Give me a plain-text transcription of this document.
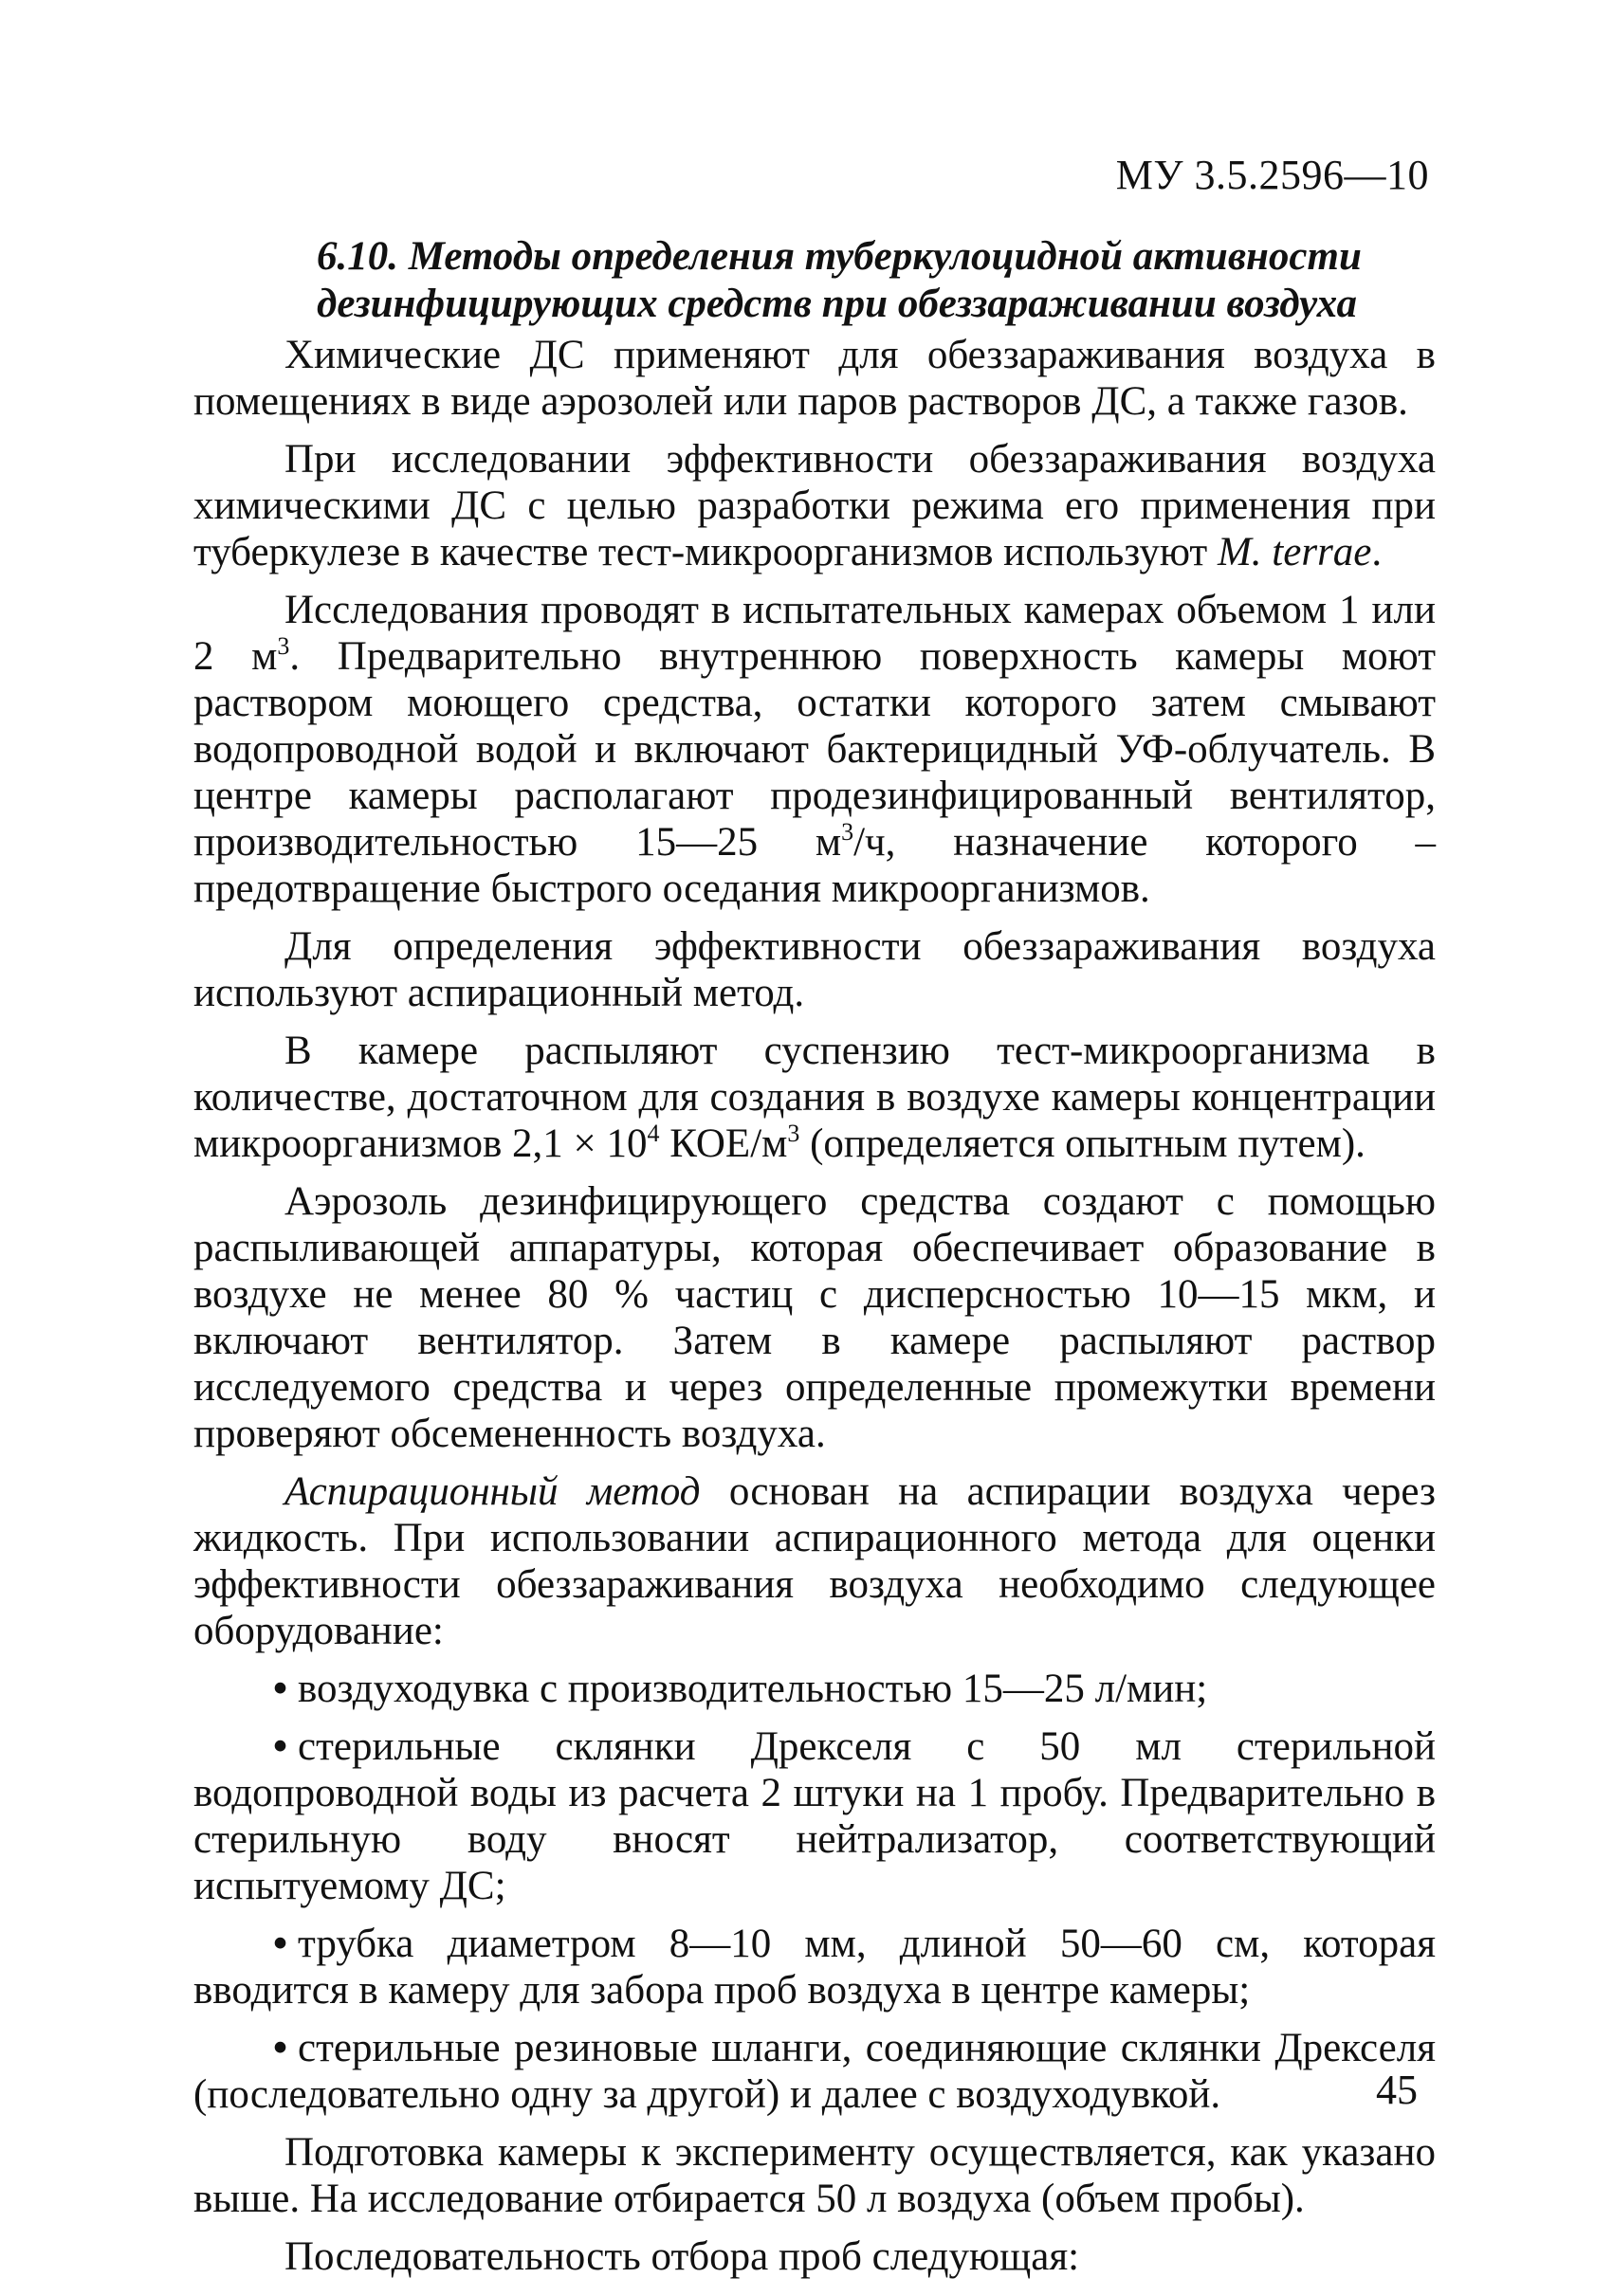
МУ 3.5.2596—10
6.10. Методы определения туберкулоцидной активности
дезинфицирующих средств при обеззараживании воздуха

Химические ДС применяют для обеззараживания воздуха в помещениях в виде аэрозолей или паров растворов ДС, а также газов.

При исследовании эффективности обеззараживания воздуха химическими ДС с целью разработки режима его применения при туберкулезе в качестве тест-микроорганизмов используют M. terrae.

Исследования проводят в испытательных камерах объемом 1 или 2 $м^3$. Предварительно внутреннюю поверхность камеры моют раствором моющего средства, остатки которого затем смывают водопроводной водой и включают бактерицидный УФ-облучатель. В центре камеры располагают продезинфицированный вентилятор, производительностью 15—25 $м^3/ч$, назначение которого – предотвращение быстрого оседания микроорганизмов.

Для определения эффективности обеззараживания воздуха используют аспирационный метод.

В камере распыляют суспензию тест-микроорганизма в количестве, достаточном для создания в воздухе камеры концентрации микроорганизмов $2,1 \times 10^4$ КОЕ/$м^3$ (определяется опытным путем).

Аэрозоль дезинфицирующего средства создают с помощью распыливающей аппаратуры, которая обеспечивает образование в воздухе не менее 80 % частиц с дисперсностью 10—15 мкм, и включают вентилятор. Затем в камере распыляют раствор исследуемого средства и через определенные промежутки времени проверяют обсемененность воздуха.

Аспирационный метод основан на аспирации воздуха через жидкость. При использовании аспирационного метода для оценки эффективности обеззараживания воздуха необходимо следующее оборудование:

• воздуходувка с производительностью 15—25 л/мин;
• стерильные склянки Дрекселя с 50 мл стерильной водопроводной воды из расчета 2 штуки на 1 пробу. Предварительно в стерильную воду вносят нейтрализатор, соответствующий испытуемому ДС;
• трубка диаметром 8—10 мм, длиной 50—60 см, которая вводится в камеру для забора проб воздуха в центре камеры;
• стерильные резиновые шланги, соединяющие склянки Дрекселя (последовательно одну за другой) и далее с воздуходувкой.

Подготовка камеры к эксперименту осуществляется, как указано выше. На исследование отбирается 50 л воздуха (объем пробы).

Последовательность отбора проб следующая:

45
